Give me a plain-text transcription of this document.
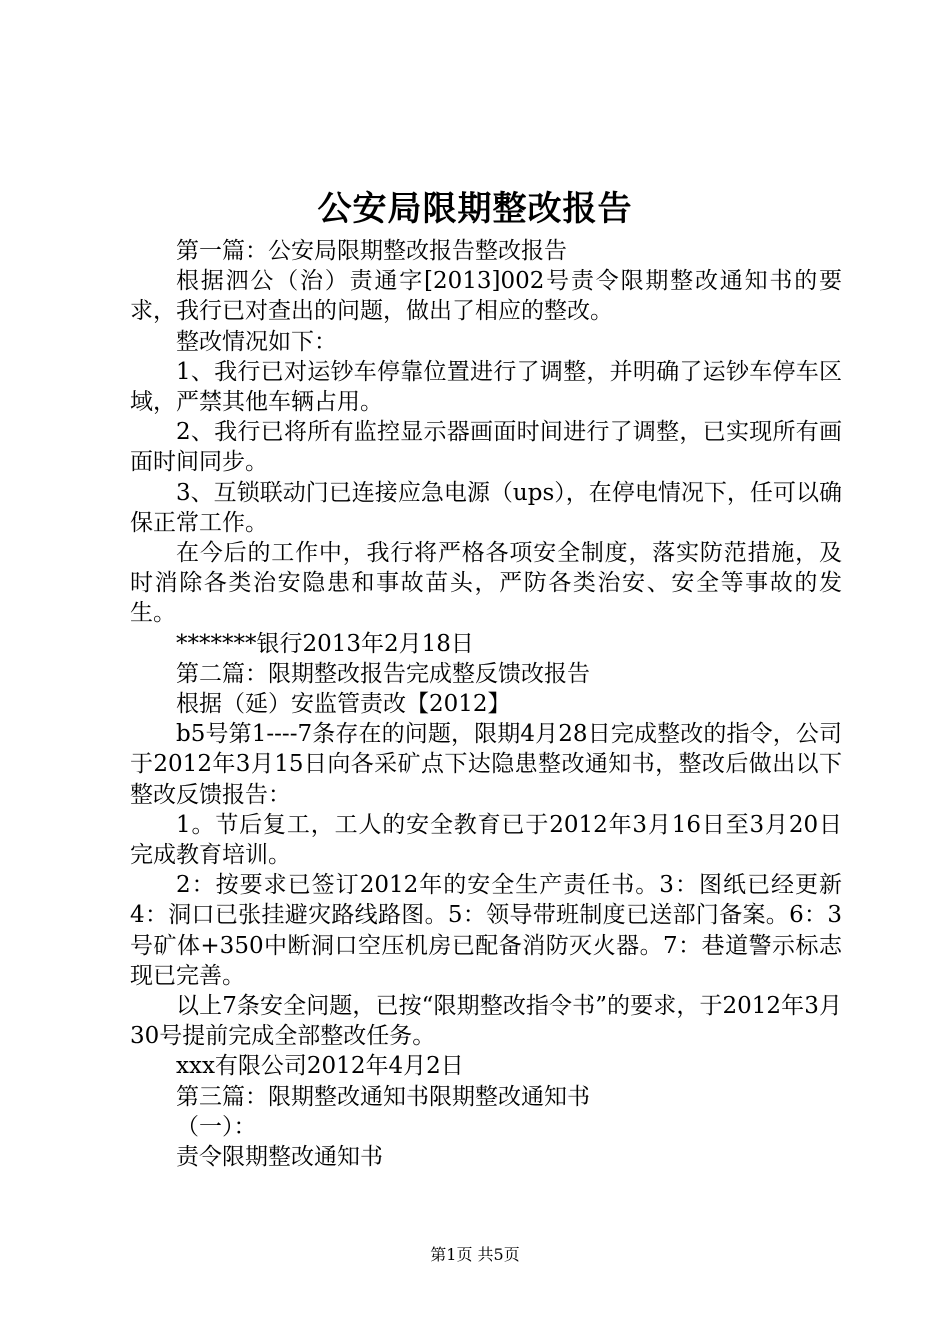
公安局限期整改报告

第一篇：公安局限期整改报告整改报告

根据泗公（治）责通字[2013]002号责令限期整改通知书的要求，我行已对查出的问题，做出了相应的整改。

整改情况如下：

1、我行已对运钞车停靠位置进行了调整，并明确了运钞车停车区域，严禁其他车辆占用。

2、我行已将所有监控显示器画面时间进行了调整，已实现所有画面时间同步。

3、互锁联动门已连接应急电源（ups），在停电情况下，任可以确保正常工作。

在今后的工作中，我行将严格各项安全制度，落实防范措施，及时消除各类治安隐患和事故苗头，严防各类治安、安全等事故的发生。

*******银行2013年2月18日

第二篇：限期整改报告完成整反馈改报告

根据（延）安监管责改【2012】

b5号第1----7条存在的问题，限期4月28日完成整改的指令，公司于2012年3月15日向各采矿点下达隐患整改通知书，整改后做出以下整改反馈报告：

1。节后复工，工人的安全教育已于2012年3月16日至3月20日完成教育培训。

2：按要求已签订2012年的安全生产责任书。3：图纸已经更新4：洞口已张挂避灾路线路图。5：领导带班制度已送部门备案。6：3号矿体+350中断洞口空压机房已配备消防灭火器。7：巷道警示标志现已完善。

以上7条安全问题，已按“限期整改指令书”的要求，于2012年3月30号提前完成全部整改任务。

xxx有限公司2012年4月2日

第三篇：限期整改通知书限期整改通知书

（一）：

责令限期整改通知书

第1页 共5页
